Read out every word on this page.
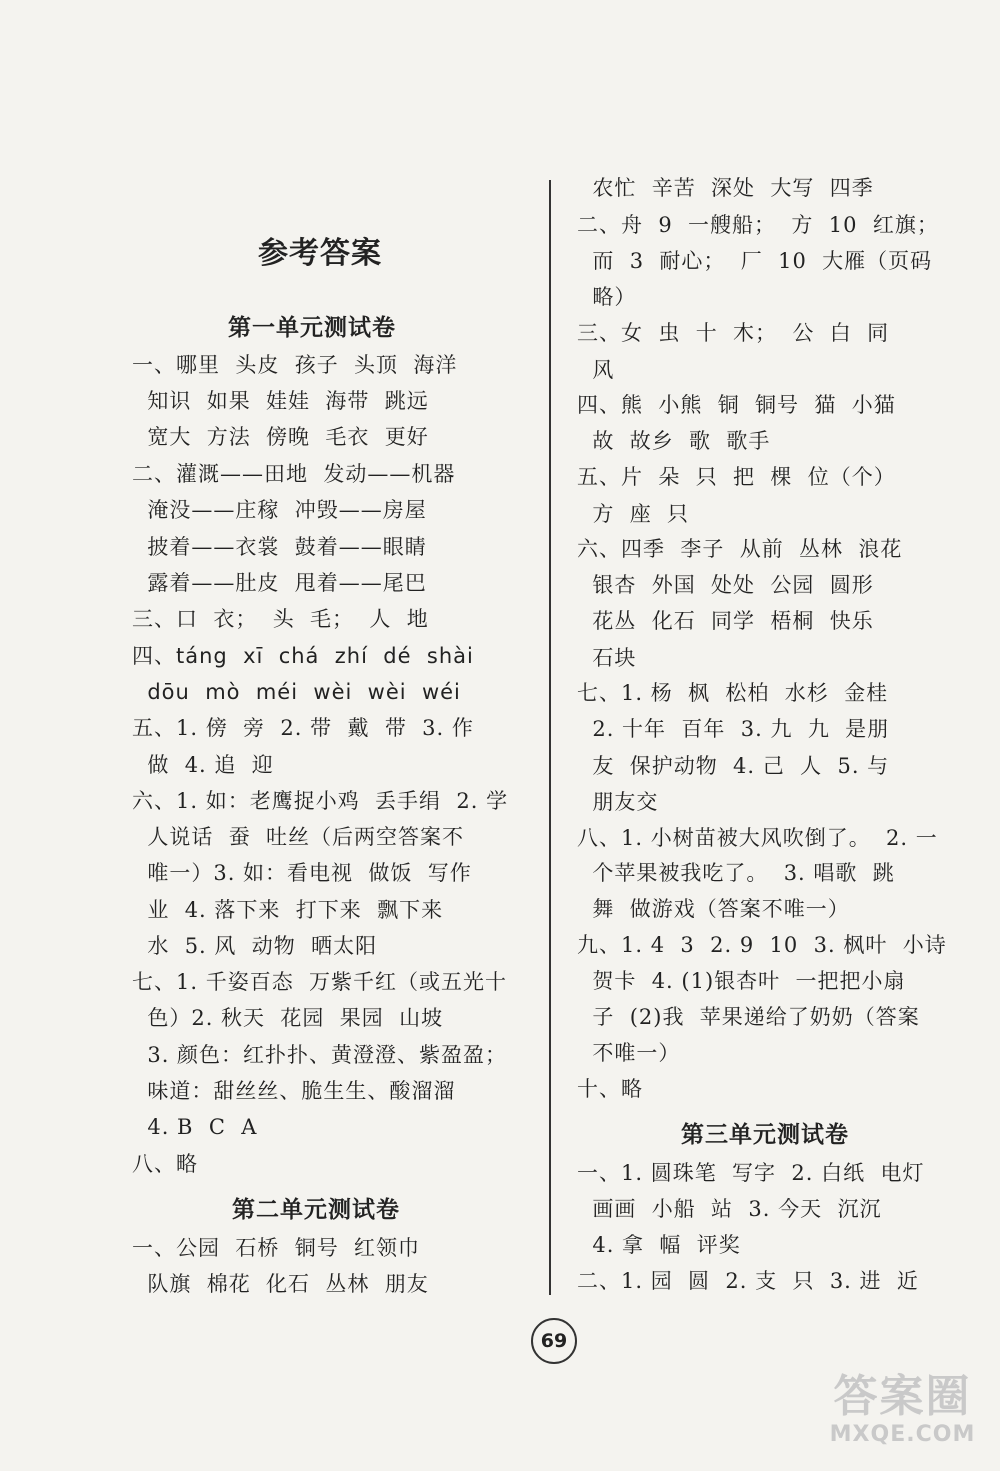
参考答案
第一单元测试卷
一、哪里  头皮  孩子  头顶  海洋
知识  如果  娃娃  海带  跳远
宽大  方法  傍晚  毛衣  更好
二、灌溉——田地  发动——机器
淹没——庄稼  冲毁——房屋
披着——衣裳  鼓着——眼睛
露着——肚皮  甩着——尾巴
三、口  衣；  头  毛；  人  地
四、táng  xī  chá  zhí  dé  shài
dōu  mò  méi  wèi  wèi  wéi
五、1. 傍  旁  2. 带  戴  带  3. 作
做  4. 追  迎
六、1. 如：老鹰捉小鸡  丢手绢  2. 学
人说话  蚕  吐丝（后两空答案不
唯一）3. 如：看电视  做饭  写作
业  4. 落下来  打下来  飘下来
水  5. 风  动物  晒太阳
七、1. 千姿百态  万紫千红（或五光十
色）2. 秋天  花园  果园  山坡
3. 颜色：红扑扑、黄澄澄、紫盈盈；
味道：甜丝丝、脆生生、酸溜溜
4. B  C  A
八、略
第二单元测试卷
一、公园  石桥  铜号  红领巾
队旗  棉花  化石  丛林  朋友
农忙  辛苦  深处  大写  四季
二、舟  9  一艘船；  方  10  红旗；
而  3  耐心；  厂  10  大雁（页码
略）
三、女  虫  十  木；  公  白  同
风
四、熊  小熊  铜  铜号  猫  小猫
故  故乡  歌  歌手
五、片  朵  只  把  棵  位（个）
方  座  只
六、四季  李子  从前  丛林  浪花
银杏  外国  处处  公园  圆形
花丛  化石  同学  梧桐  快乐
石块
七、1. 杨  枫  松柏  水杉  金桂
2. 十年  百年  3. 九  九  是朋
友  保护动物  4. 己  人  5. 与
朋友交
八、1. 小树苗被大风吹倒了。  2. 一
个苹果被我吃了。  3. 唱歌  跳
舞  做游戏（答案不唯一）
九、1. 4  3  2. 9  10  3. 枫叶  小诗
贺卡  4. (1)银杏叶  一把把小扇
子  (2)我  苹果递给了奶奶（答案
不唯一）
十、略
第三单元测试卷
一、1. 圆珠笔  写字  2. 白纸  电灯
画画  小船  站  3. 今天  沉沉
4. 拿  幅  评奖
二、1. 园  圆  2. 支  只  3. 进  近
69
答案圈
MXQE.COM
